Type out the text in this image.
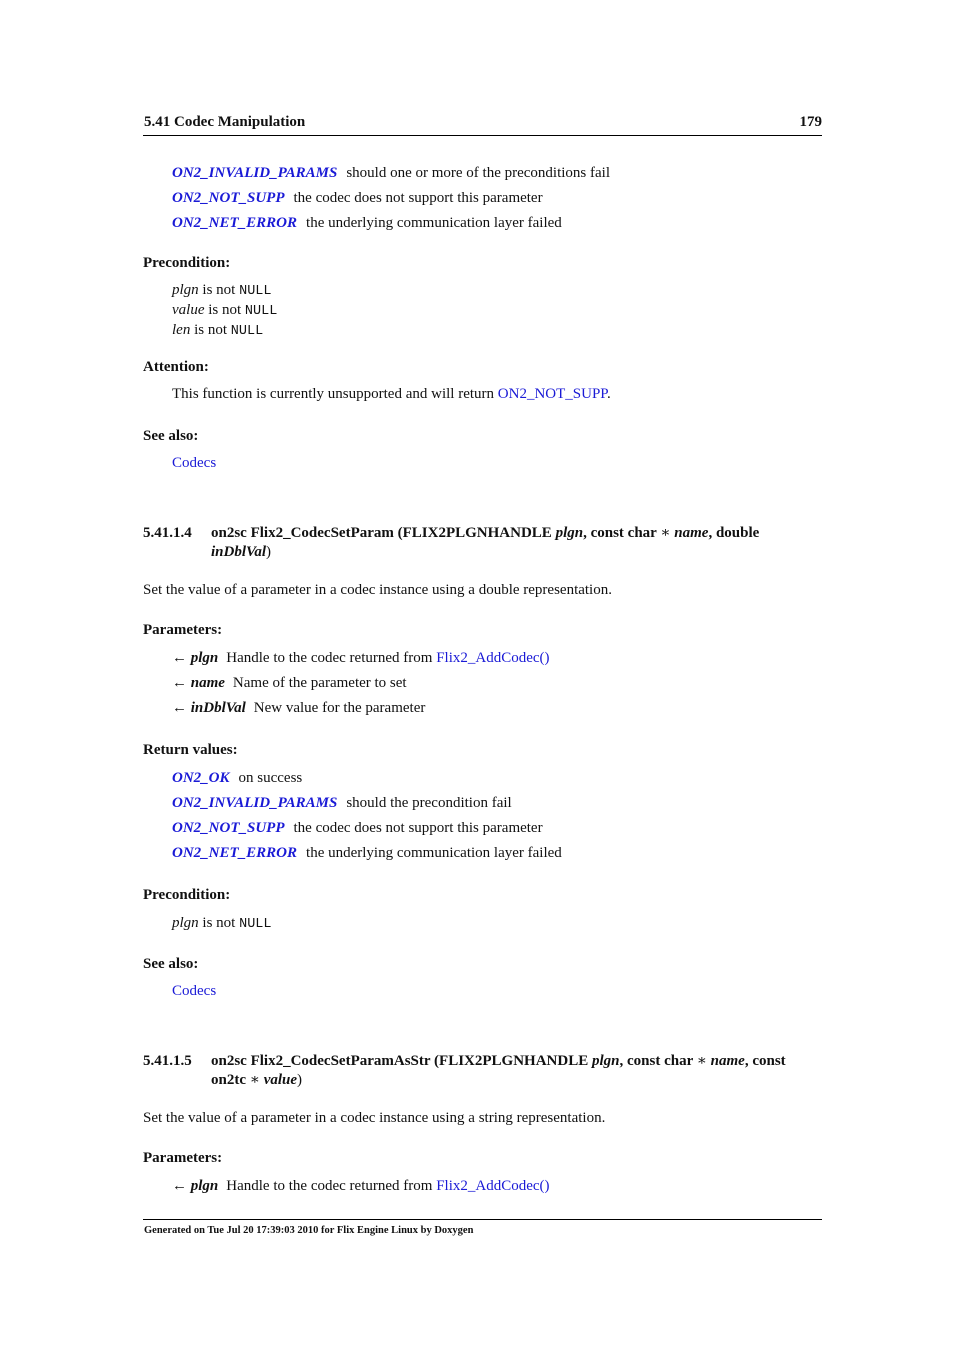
5.41 Codec Manipulation	179
ON2_INVALID_PARAMS should one or more of the preconditions fail
ON2_NOT_SUPP the codec does not support this parameter
ON2_NET_ERROR the underlying communication layer failed
Precondition:
plgn is not NULL
value is not NULL
len is not NULL
Attention:
This function is currently unsupported and will return ON2_NOT_SUPP.
See also:
Codecs
5.41.1.4 on2sc Flix2_CodecSetParam (FLIX2PLGNHANDLE plgn, const char ∗ name, double
inDblVal)
Set the value of a parameter in a codec instance using a double representation.
Parameters:
← plgn Handle to the codec returned from Flix2_AddCodec()
← name Name of the parameter to set
← inDblVal New value for the parameter
Return values:
ON2_OK on success
ON2_INVALID_PARAMS should the precondition fail
ON2_NOT_SUPP the codec does not support this parameter
ON2_NET_ERROR the underlying communication layer failed
Precondition:
plgn is not NULL
See also:
Codecs
5.41.1.5 on2sc Flix2_CodecSetParamAsStr (FLIX2PLGNHANDLE plgn, const char ∗ name, const
on2tc ∗ value)
Set the value of a parameter in a codec instance using a string representation.
Parameters:
← plgn Handle to the codec returned from Flix2_AddCodec()
Generated on Tue Jul 20 17:39:03 2010 for Flix Engine Linux by Doxygen
